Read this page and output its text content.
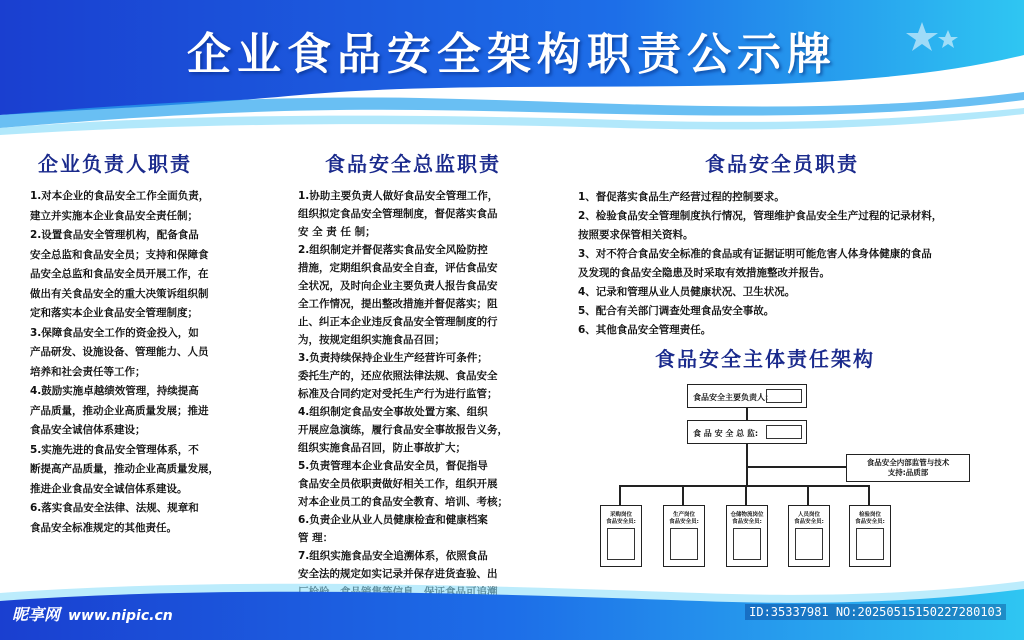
企业食品安全架构职责公示牌
企业负责人职责

1.对本企业的食品安全工作全面负责，

建立并实施本企业食品安全责任制；

2.设置食品安全管理机构，配备食品

安全总监和食品安全员；支持和保障食

品安全总监和食品安全员开展工作，在

做出有关食品安全的重大决策诉组织制

定和落实本企业食品安全管理制度；

3.保障食品安全工作的资金投入，如

产品研发、设施设备、管理能力、人员

培养和社会责任等工作；

4.鼓励实施卓越绩效管理，持续提高

产品质量，推动企业高质量发展；推进

食品安全诚信体系建设；

5.实施先进的食品安全管理体系，不

断提高产品质量，推动企业高质量发展，

推进企业食品安全诚信体系建设。

6.落实食品安全法律、法规、规章和

食品安全标准规定的其他责任。

食品安全总监职责

1.协助主要负责人做好食品安全管理工作，

组织拟定食品安全管理制度，督促落实食品

安 全 责 任 制；

2.组织制定并督促落实食品安全风险防控

措施，定期组织食品安全自查，评估食品安

全状况，及时向企业主要负责人报告食品安

全工作情况，提出整改措施并督促落实；阻

止、纠正本企业违反食品安全管理制度的行

为，按规定组织实施食品召回；

3.负责持续保持企业生产经营许可条件；

委托生产的，还应依照法律法规、食品安全

标准及合同约定对受托生产行为进行监管；

4.组织制定食品安全事故处置方案、组织

开展应急演练，履行食品安全事故报告义务，

组织实施食品召回，防止事故扩大；

5.负责管理本企业食品安全员，督促指导

食品安全员依职责做好相关工作，组织开展

对本企业员工的食品安全教育、培训、考核；

6.负责企业从业人员健康检查和健康档案

管 理：

7.组织实施食品安全追溯体系，依照食品

安全法的规定如实记录并保存进货查验、出

食品安全员职责

1、督促落实食品生产经营过程的控制要求。

2、检验食品安全管理制度执行情况，管理维护食品安全生产过程的记录材料，

按照要求保管相关资料。

3、对不符合食品安全标准的食品或有证据证明可能危害人体身体健康的食品

及发现的食品安全隐患及时采取有效措施整改并报告。

4、记录和管理从业人员健康状况、卫生状况。

5、配合有关部门调查处理食品安全事故。

6、其他食品安全管理责任。

食品安全主体责任架构
食品安全主要负责人:
食 品 安 全 总 监:
食品安全内部监管与技术
支持:品质部
采购岗位
食品安全员:
生产岗位
食品安全员:
仓储物流岗位
食品安全员:
人员岗位
食品安全员:
检验岗位
食品安全员:
昵享网 www.nipic.cn	ID:35337981 NO:20250515150227280103
